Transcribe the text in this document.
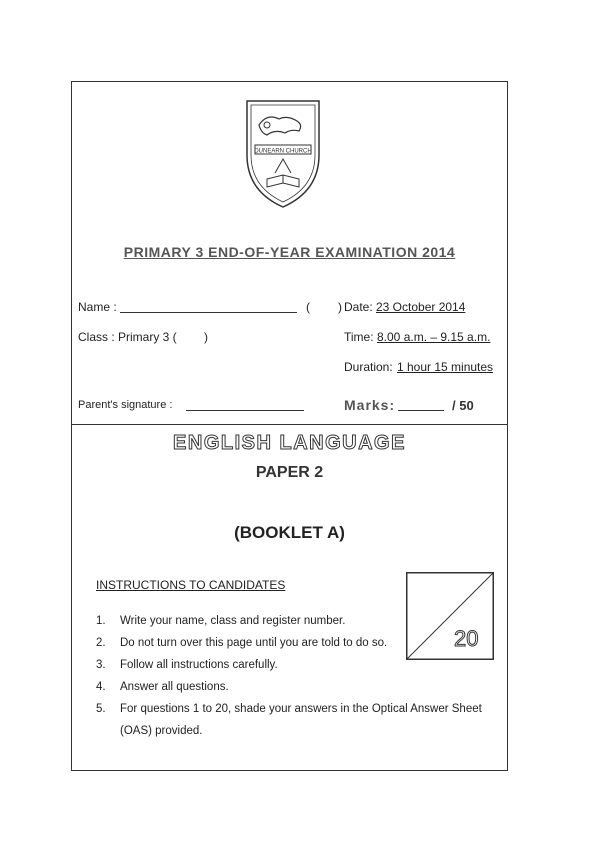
DUNEARN CHURCH
PRIMARY 3 END-OF-YEAR EXAMINATION 2014
Name :	( ) Date: 23 October 2014
Class : Primary 3 ( )	Time: 8.00 a.m. – 9.15 a.m.
Duration: 1 hour 15 minutes
Parent's signature :	Marks:	/ 50
ENGLISH LANGUAGE
PAPER 2
(BOOKLET A)
INSTRUCTIONS TO CANDIDATES
1.	Write your name, class and register number.
2.	Do not turn over this page until you are told to do so.
3.	Follow all instructions carefully.
4.	Answer all questions.
5.	For questions 1 to 20, shade your answers in the Optical Answer Sheet (OAS) provided.
20
